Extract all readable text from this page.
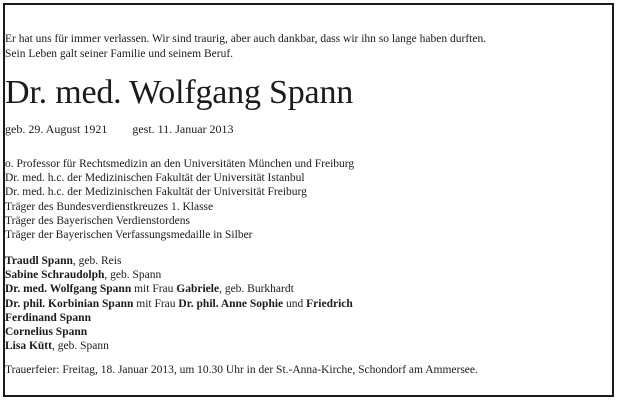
Er hat uns für immer verlassen. Wir sind traurig, aber auch dankbar, dass wir ihn so lange haben durften.
Sein Leben galt seiner Familie und seinem Beruf.
Dr. med. Wolfgang Spann
geb. 29. August 1921 gest. 11. Januar 2013
o. Professor für Rechtsmedizin an den Universitäten München und Freiburg
Dr. med. h.c. der Medizinischen Fakultät der Universität Istanbul
Dr. med. h.c. der Medizinischen Fakultät der Universität Freiburg
Träger des Bundesverdienstkreuzes 1. Klasse
Träger des Bayerischen Verdienstordens
Träger der Bayerischen Verfassungsmedaille in Silber
Traudl Spann, geb. Reis
Sabine Schraudolph, geb. Spann
Dr. med. Wolfgang Spann mit Frau Gabriele, geb. Burkhardt
Dr. phil. Korbinian Spann mit Frau Dr. phil. Anne Sophie und Friedrich
Ferdinand Spann
Cornelius Spann
Lisa Kütt, geb. Spann
Trauerfeier: Freitag, 18. Januar 2013, um 10.30 Uhr in der St.-Anna-Kirche, Schondorf am Ammersee.
